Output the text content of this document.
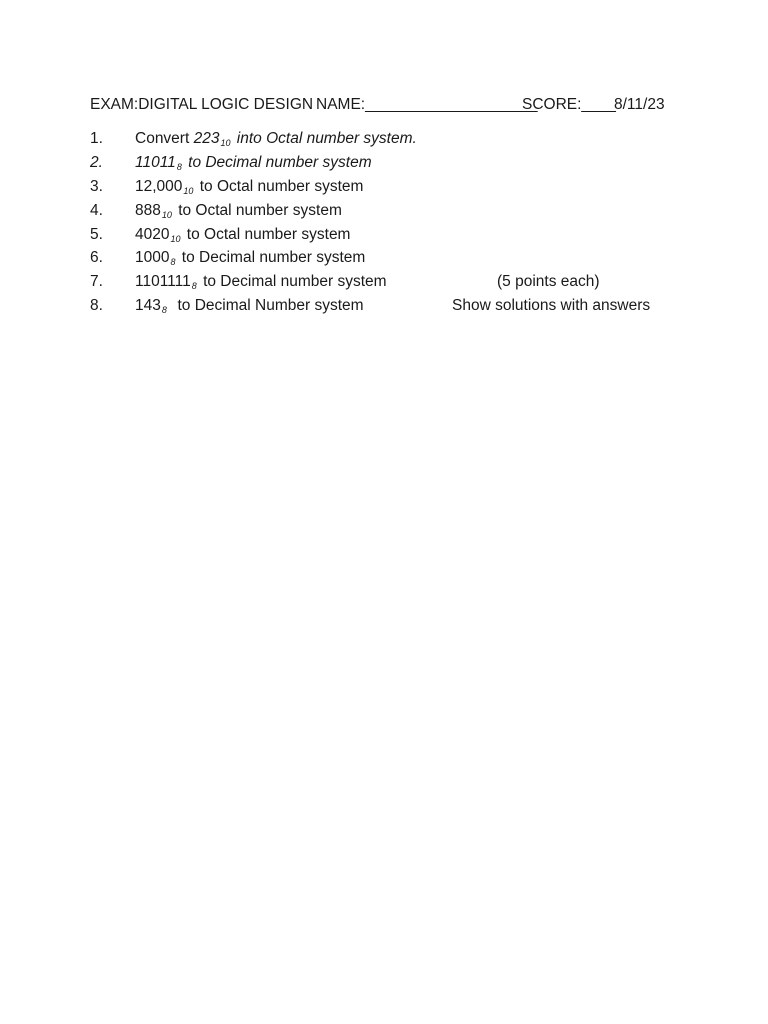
EXAM:DIGITAL LOGIC DESIGN NAME:____________________
SCORE:____
8/11/23
1. Convert $223_{10}$ into Octal number system.
2. $11011_8$ to Decimal number system
3. $12,000_{10}$ to Octal number system
4. $888_{10}$ to Octal number system
5. $4020_{10}$ to Octal number system
6. $1000_8$ to Decimal number system
7. $1101111_8$ to Decimal number system	(5 points each)
8. $143_8$  to Decimal Number system	Show solutions with answers
